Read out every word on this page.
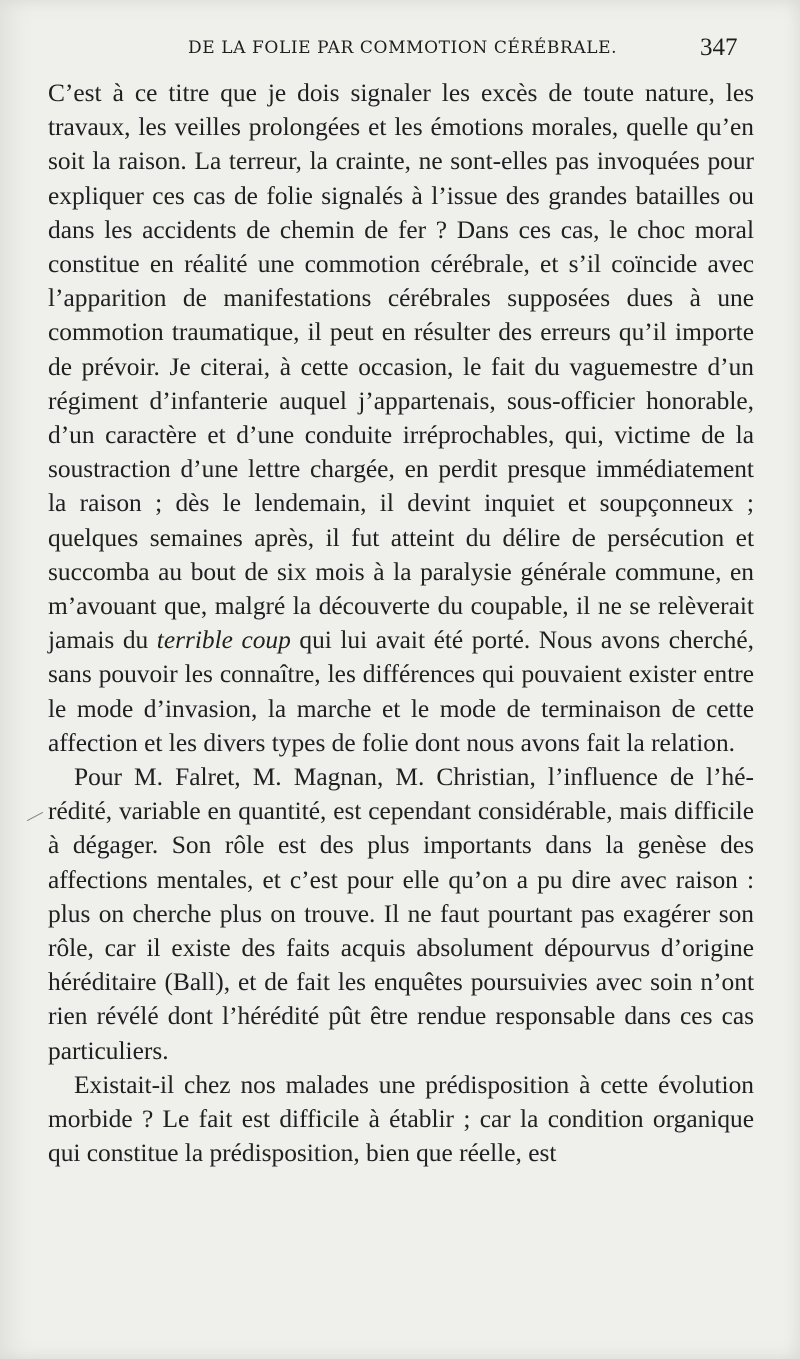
DE LA FOLIE PAR COMMOTION CÉRÉBRALE.	347

C’est à ce titre que je dois signaler les excès de toute nature, les travaux, les veilles prolongées et les émotions morales, quelle qu’en soit la raison. La terreur, la crainte, ne sont-elles pas invoquées pour expliquer ces cas de folie signalés à l’issue des grandes batailles ou dans les accidents de chemin de fer ? Dans ces cas, le choc moral constitue en réalité une commotion cérébrale, et s’il coïncide avec l’apparition de manifestations cérébrales supposées dues à une commotion traumatique, il peut en résulter des erreurs qu’il importe de prévoir. Je citerai, à cette occasion, le fait du vaguemestre d’un régiment d’infanterie auquel j’appartenais, sous-officier honorable, d’un caractère et d’une conduite irréprochables, qui, victime de la soustraction d’une lettre chargée, en perdit presque immédiatement la raison ; dès le lendemain, il devint inquiet et soupçonneux ; quelques semaines après, il fut atteint du délire de persécution et succomba au bout de six mois à la paralysie générale commune, en m’avouant que, malgré la découverte du coupable, il ne se relèverait jamais du terrible coup qui lui avait été porté. Nous avons cherché, sans pouvoir les connaître, les différences qui pouvaient exister entre le mode d’invasion, la marche et le mode de terminaison de cette affection et les divers types de folie dont nous avons fait la relation.

Pour M. Falret, M. Magnan, M. Christian, l’influence de l’hérédité, variable en quantité, est cependant considérable, mais difficile à dégager. Son rôle est des plus importants dans la genèse des affections mentales, et c’est pour elle qu’on a pu dire avec raison : plus on cherche plus on trouve. Il ne faut pourtant pas exagérer son rôle, car il existe des faits acquis absolument dépourvus d’origine héréditaire (Ball), et de fait les enquêtes poursuivies avec soin n’ont rien révélé dont l’hérédité pût être rendue responsable dans ces cas particuliers.

Existait-il chez nos malades une prédisposition à cette évolution morbide ? Le fait est difficile à établir ; car la condition organique qui constitue la prédisposition, bien que réelle, est
